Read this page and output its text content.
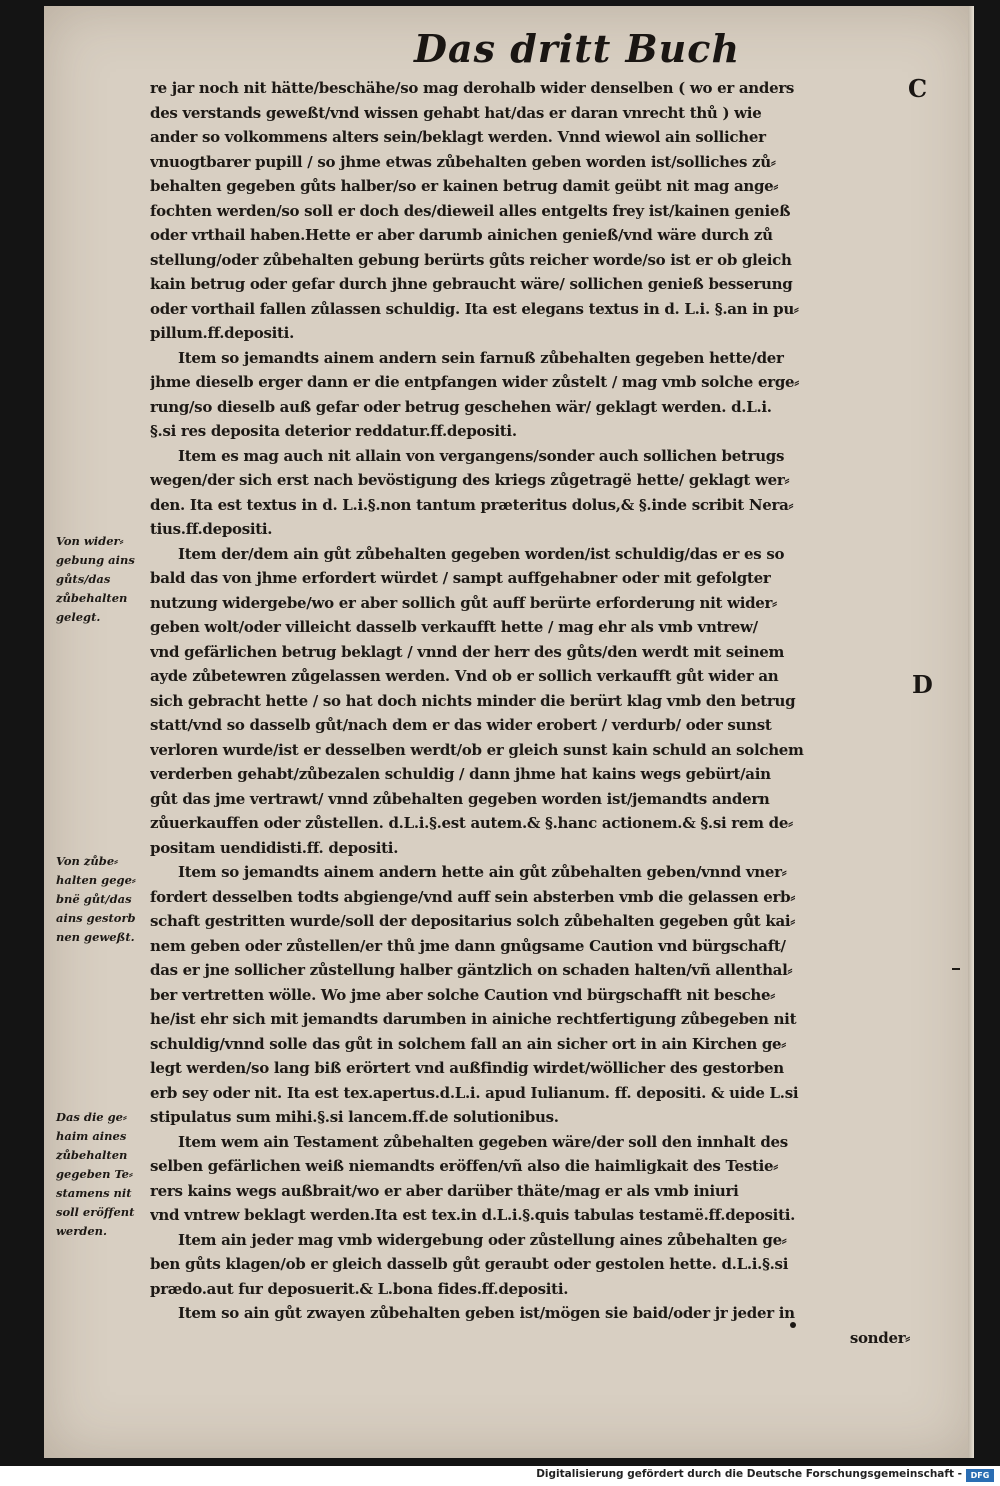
Das dritt Buch
C
D
re jar noch nit hätte/beschähe/so mag derohalb wider denselben ( wo er anders
des verstands geweßt/vnd wissen gehabt hat/das er daran vnrecht thů ) wie
ander so volkommens alters sein/beklagt werden. Vnnd wiewol ain sollicher
vnuogtbarer pupill / so jhme etwas zůbehalten geben worden ist/solliches zů⸗
behalten gegeben gůts halber/so er kainen betrug damit geübt nit mag ange⸗
fochten werden/so soll er doch des/dieweil alles entgelts frey ist/kainen genieß
oder vrthail haben.Hette er aber darumb ainichen genieß/vnd wäre durch zů
stellung/oder zůbehalten gebung berürts gůts reicher worde/so ist er ob gleich
kain betrug oder gefar durch jhne gebraucht wäre/ sollichen genieß besserung
oder vorthail fallen zůlassen schuldig. Ita est elegans textus in d. L.i. §.an in pu⸗
pillum.ff.depositi.
Item so jemandts ainem andern sein farnuß zůbehalten gegeben hette/der
jhme dieselb erger dann er die entpfangen wider zůstelt / mag vmb solche erge⸗
rung/so dieselb auß gefar oder betrug geschehen wär/ geklagt werden. d.L.i.
§.si res deposita deterior reddatur.ff.depositi.
Item es mag auch nit allain von vergangens/sonder auch sollichen betrugs
wegen/der sich erst nach bevöstigung des kriegs zůgetragë hette/ geklagt wer⸗
den. Ita est textus in d. L.i.§.non tantum præteritus dolus,& §.inde scribit Nera⸗
tius.ff.depositi.
Item der/dem ain gůt zůbehalten gegeben worden/ist schuldig/das er es so
bald das von jhme erfordert würdet / sampt auffgehabner oder mit gefolgter
nutzung widergebe/wo er aber sollich gůt auff berürte erforderung nit wider⸗
geben wolt/oder villeicht dasselb verkaufft hette / mag ehr als vmb vntrew/
vnd gefärlichen betrug beklagt / vnnd der herr des gůts/den werdt mit seinem
ayde zůbetewren zůgelassen werden. Vnd ob er sollich verkaufft gůt wider an
sich gebracht hette / so hat doch nichts minder die berürt klag vmb den betrug
statt/vnd so dasselb gůt/nach dem er das wider erobert / verdurb/ oder sunst
verloren wurde/ist er desselben werdt/ob er gleich sunst kain schuld an solchem
verderben gehabt/zůbezalen schuldig / dann jhme hat kains wegs gebürt/ain
gůt das jme vertrawt/ vnnd zůbehalten gegeben worden ist/jemandts andern
zůuerkauffen oder zůstellen. d.L.i.§.est autem.& §.hanc actionem.& §.si rem de⸗
positam uendidisti.ff. depositi.
Item so jemandts ainem andern hette ain gůt zůbehalten geben/vnnd vner⸗
fordert desselben todts abgienge/vnd auff sein absterben vmb die gelassen erb⸗
schaft gestritten wurde/soll der depositarius solch zůbehalten gegeben gůt kai⸗
nem geben oder zůstellen/er thů jme dann gnůgsame Caution vnd bürgschaft/
das er jne sollicher zůstellung halber gäntzlich on schaden halten/vñ allenthal⸗
ber vertretten wölle. Wo jme aber solche Caution vnd bürgschafft nit besche⸗
he/ist ehr sich mit jemandts darumben in ainiche rechtfertigung zůbegeben nit
schuldig/vnnd solle das gůt in solchem fall an ain sicher ort in ain Kirchen ge⸗
legt werden/so lang biß erörtert vnd außfindig wirdet/wöllicher des gestorben
erb sey oder nit. Ita est tex.apertus.d.L.i. apud Iulianum. ff. depositi. & uide L.si
stipulatus sum mihi.§.si lancem.ff.de solutionibus.
Item wem ain Testament zůbehalten gegeben wäre/der soll den innhalt des
selben gefärlichen weiß niemandts eröffen/vñ also die haimligkait des Testie⸗
rers kains wegs außbrait/wo er aber darüber thäte/mag er als vmb iniuri
vnd vntrew beklagt werden.Ita est tex.in d.L.i.§.quis tabulas testamë.ff.depositi.
Item ain jeder mag vmb widergebung oder zůstellung aines zůbehalten ge⸗
ben gůts klagen/ob er gleich dasselb gůt geraubt oder gestolen hette. d.L.i.§.si
prædo.aut fur deposuerit.& L.bona fides.ff.depositi.
Item so ain gůt zwayen zůbehalten geben ist/mögen sie baid/oder jr jeder in
sonder⸗
Von wider⸗
gebung ains
gůts/das
zůbehalten
gelegt.
Von zůbe⸗
halten gege⸗
bnë gůt/das
ains gestorb
nen geweßt.
Das die ge⸗
haim aines
zůbehalten
gegeben Te⸗
stamens nit
soll eröffent
werden.
Digitalisierung gefördert durch die Deutsche Forschungsgemeinschaft -	DFG
